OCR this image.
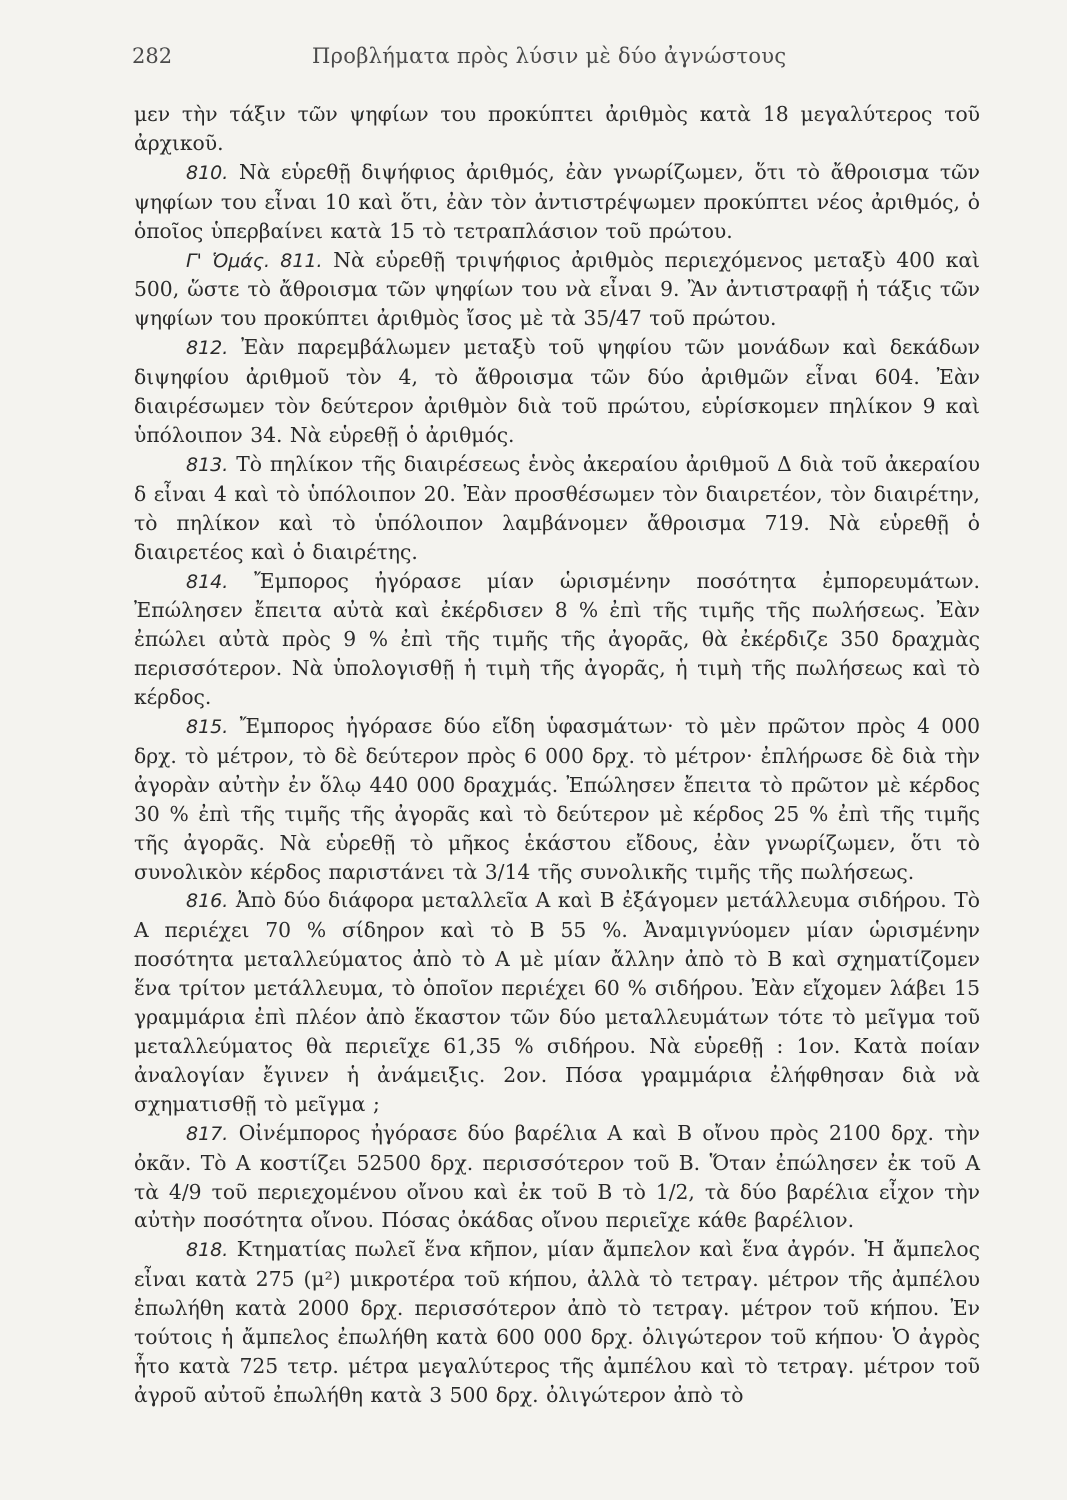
282	Προβλήματα πρὸς λύσιν μὲ δύο ἀγνώστους

μεν τὴν τάξιν τῶν ψηφίων του προκύπτει ἀριθμὸς κατὰ 18 μεγαλύτερος τοῦ ἀρχικοῦ.

810. Νὰ εὑρεθῇ διψήφιος ἀριθμός, ἐὰν γνωρίζωμεν, ὅτι τὸ ἄθροισμα τῶν ψηφίων του εἶναι 10 καὶ ὅτι, ἐὰν τὸν ἀντιστρέψωμεν προκύπτει νέος ἀριθμός, ὁ ὁποῖος ὑπερβαίνει κατὰ 15 τὸ τετραπλάσιον τοῦ πρώτου.

Γ' Ὁμάς. 811. Νὰ εὑρεθῇ τριψήφιος ἀριθμὸς περιεχόμενος μεταξὺ 400 καὶ 500, ὥστε τὸ ἄθροισμα τῶν ψηφίων του νὰ εἶναι 9. Ἂν ἀντιστραφῇ ἡ τάξις τῶν ψηφίων του προκύπτει ἀριθμὸς ἴσος μὲ τὰ 35/47 τοῦ πρώτου.

812. Ἐὰν παρεμβάλωμεν μεταξὺ τοῦ ψηφίου τῶν μονάδων καὶ δεκάδων διψηφίου ἀριθμοῦ τὸν 4, τὸ ἄθροισμα τῶν δύο ἀριθμῶν εἶναι 604. Ἐὰν διαιρέσωμεν τὸν δεύτερον ἀριθμὸν διὰ τοῦ πρώτου, εὑρίσκομεν πηλίκον 9 καὶ ὑπόλοιπον 34. Νὰ εὑρεθῇ ὁ ἀριθμός.

813. Τὸ πηλίκον τῆς διαιρέσεως ἑνὸς ἀκεραίου ἀριθμοῦ Δ διὰ τοῦ ἀκεραίου δ εἶναι 4 καὶ τὸ ὑπόλοιπον 20. Ἐὰν προσθέσωμεν τὸν διαιρετέον, τὸν διαιρέτην, τὸ πηλίκον καὶ τὸ ὑπόλοιπον λαμβάνομεν ἄθροισμα 719. Νὰ εὑρεθῇ ὁ διαιρετέος καὶ ὁ διαιρέτης.

814. Ἔμπορος ἠγόρασε μίαν ὡρισμένην ποσότητα ἐμπορευμάτων. Ἐπώλησεν ἔπειτα αὐτὰ καὶ ἐκέρδισεν 8 % ἐπὶ τῆς τιμῆς τῆς πωλήσεως. Ἐὰν ἐπώλει αὐτὰ πρὸς 9 % ἐπὶ τῆς τιμῆς τῆς ἀγορᾶς, θὰ ἐκέρδιζε 350 δραχμὰς περισσότερον. Νὰ ὑπολογισθῇ ἡ τιμὴ τῆς ἀγορᾶς, ἡ τιμὴ τῆς πωλήσεως καὶ τὸ κέρδος.

815. Ἔμπορος ἠγόρασε δύο εἴδη ὑφασμάτων· τὸ μὲν πρῶτον πρὸς 4 000 δρχ. τὸ μέτρον, τὸ δὲ δεύτερον πρὸς 6 000 δρχ. τὸ μέτρον· ἐπλήρωσε δὲ διὰ τὴν ἀγορὰν αὐτὴν ἐν ὅλῳ 440 000 δραχμάς. Ἐπώλησεν ἔπειτα τὸ πρῶτον μὲ κέρδος 30 % ἐπὶ τῆς τιμῆς τῆς ἀγορᾶς καὶ τὸ δεύτερον μὲ κέρδος 25 % ἐπὶ τῆς τιμῆς τῆς ἀγορᾶς. Νὰ εὑρεθῇ τὸ μῆκος ἑκάστου εἴδους, ἐὰν γνωρίζωμεν, ὅτι τὸ συνολικὸν κέρδος παριστάνει τὰ 3/14 τῆς συνολικῆς τιμῆς τῆς πωλήσεως.

816. Ἀπὸ δύο διάφορα μεταλλεῖα Α καὶ Β ἐξάγομεν μετάλλευμα σιδήρου. Τὸ Α περιέχει 70 % σίδηρον καὶ τὸ Β 55 %. Ἀναμιγνύομεν μίαν ὡρισμένην ποσότητα μεταλλεύματος ἀπὸ τὸ Α μὲ μίαν ἄλλην ἀπὸ τὸ Β καὶ σχηματίζομεν ἕνα τρίτον μετάλλευμα, τὸ ὁποῖον περιέχει 60 % σιδήρου. Ἐὰν εἴχομεν λάβει 15 γραμμάρια ἐπὶ πλέον ἀπὸ ἕκαστον τῶν δύο μεταλλευμάτων τότε τὸ μεῖγμα τοῦ μεταλλεύματος θὰ περιεῖχε 61,35 % σιδήρου. Νὰ εὑρεθῇ : 1ον. Κατὰ ποίαν ἀναλογίαν ἔγινεν ἡ ἀνάμειξις. 2ον. Πόσα γραμμάρια ἐλήφθησαν διὰ νὰ σχηματισθῇ τὸ μεῖγμα ;

817. Οἰνέμπορος ἠγόρασε δύο βαρέλια Α καὶ Β οἴνου πρὸς 2100 δρχ. τὴν ὀκᾶν. Τὸ Α κοστίζει 52500 δρχ. περισσότερον τοῦ Β. Ὅταν ἐπώλησεν ἐκ τοῦ Α τὰ 4/9 τοῦ περιεχομένου οἴνου καὶ ἐκ τοῦ Β τὸ 1/2, τὰ δύο βαρέλια εἶχον τὴν αὐτὴν ποσότητα οἴνου. Πόσας ὀκάδας οἴνου περιεῖχε κάθε βαρέλιον.

818. Κτηματίας πωλεῖ ἕνα κῆπον, μίαν ἄμπελον καὶ ἕνα ἀγρόν. Ἡ ἄμπελος εἶναι κατὰ 275 (μ²) μικροτέρα τοῦ κήπου, ἀλλὰ τὸ τετραγ. μέτρον τῆς ἀμπέλου ἐπωλήθη κατὰ 2000 δρχ. περισσότερον ἀπὸ τὸ τετραγ. μέτρον τοῦ κήπου. Ἐν τούτοις ἡ ἄμπελος ἐπωλήθη κατὰ 600 000 δρχ. ὀλιγώτερον τοῦ κήπου· Ὁ ἀγρὸς ἦτο κατὰ 725 τετρ. μέτρα μεγαλύτερος τῆς ἀμπέλου καὶ τὸ τετραγ. μέτρον τοῦ ἀγροῦ αὐτοῦ ἐπωλήθη κατὰ 3 500 δρχ. ὀλιγώτερον ἀπὸ τὸ
